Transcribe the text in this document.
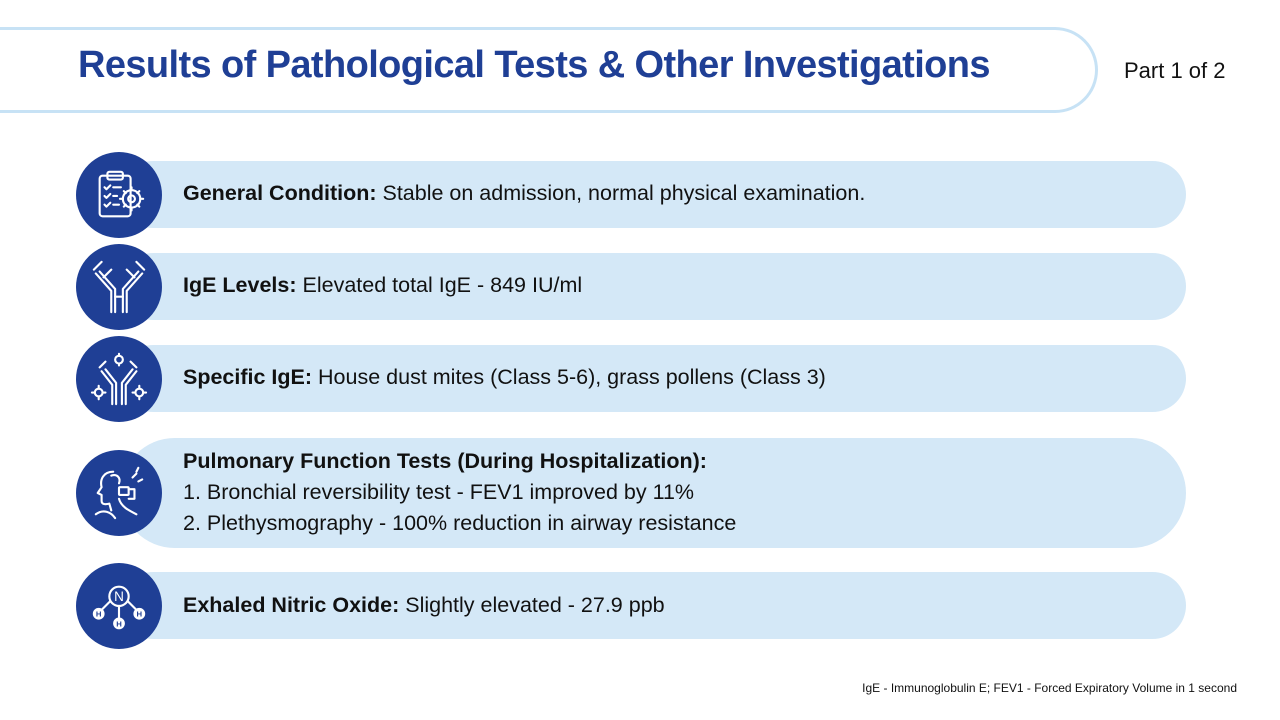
Results of Pathological Tests & Other Investigations	Part 1 of 2
General Condition: Stable on admission, normal physical examination.
IgE Levels: Elevated total IgE - 849 IU/ml
Specific IgE: House dust mites (Class 5-6), grass pollens (Class 3)
Pulmonary Function Tests (During Hospitalization):
1. Bronchial reversibility test - FEV1 improved by 11%
2. Plethysmography - 100% reduction in airway resistance
N
H	H
H
Exhaled Nitric Oxide: Slightly elevated - 27.9 ppb
IgE - Immunoglobulin E; FEV1 - Forced Expiratory Volume in 1 second
